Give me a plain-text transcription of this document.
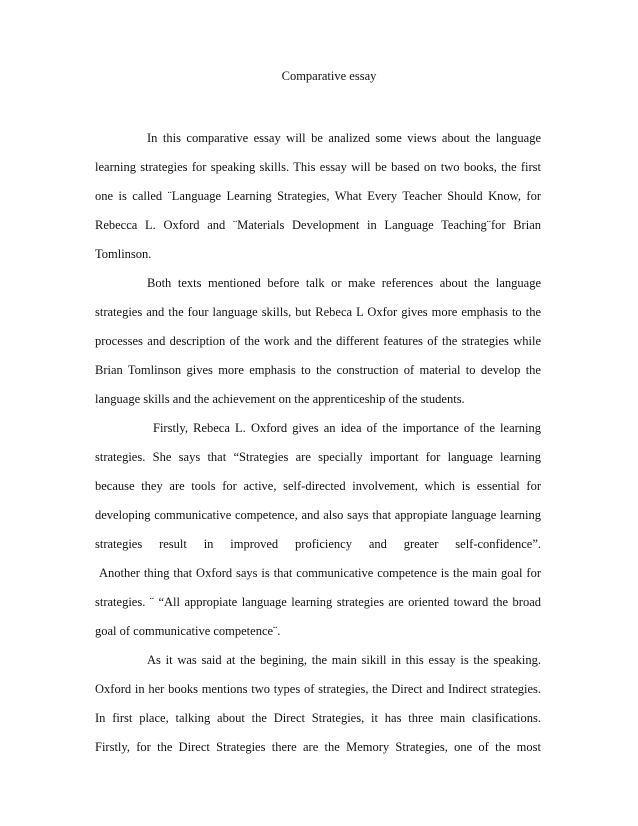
Comparative essay
In this comparative essay will be analized some views about the language
learning strategies for speaking skills. This essay will be based on two books, the first
one is called ¨Language Learning Strategies, What Every Teacher Should Know, for
Rebecca L. Oxford and ¨Materials Development in Language Teaching¨for Brian
Tomlinson.
Both texts mentioned before talk or make references about the language
strategies and the four language skills, but Rebeca L Oxfor gives more emphasis to the
processes and description of the work and the different features of the strategies while
Brian Tomlinson gives more emphasis to the construction of material to develop the
language skills and the achievement on the apprenticeship of the students.
Firstly, Rebeca L. Oxford gives an idea of the importance of the learning
strategies. She says that “Strategies are specially important for language learning
because they are tools for active, self-directed involvement, which is essential for
developing communicative competence, and also says that appropiate language learning
strategies result in improved proficiency and greater self-confidence”.
Another thing that Oxford says is that communicative competence is the main goal for
strategies. ¨ “All appropiate language learning strategies are oriented toward the broad
goal of communicative competence¨.
As it was said at the begining, the main sikill in this essay is the speaking.
Oxford in her books mentions two types of strategies, the Direct and Indirect strategies.
In first place, talking about the Direct Strategies, it has three main clasifications.
Firstly, for the Direct Strategies there are the Memory Strategies, one of the most
